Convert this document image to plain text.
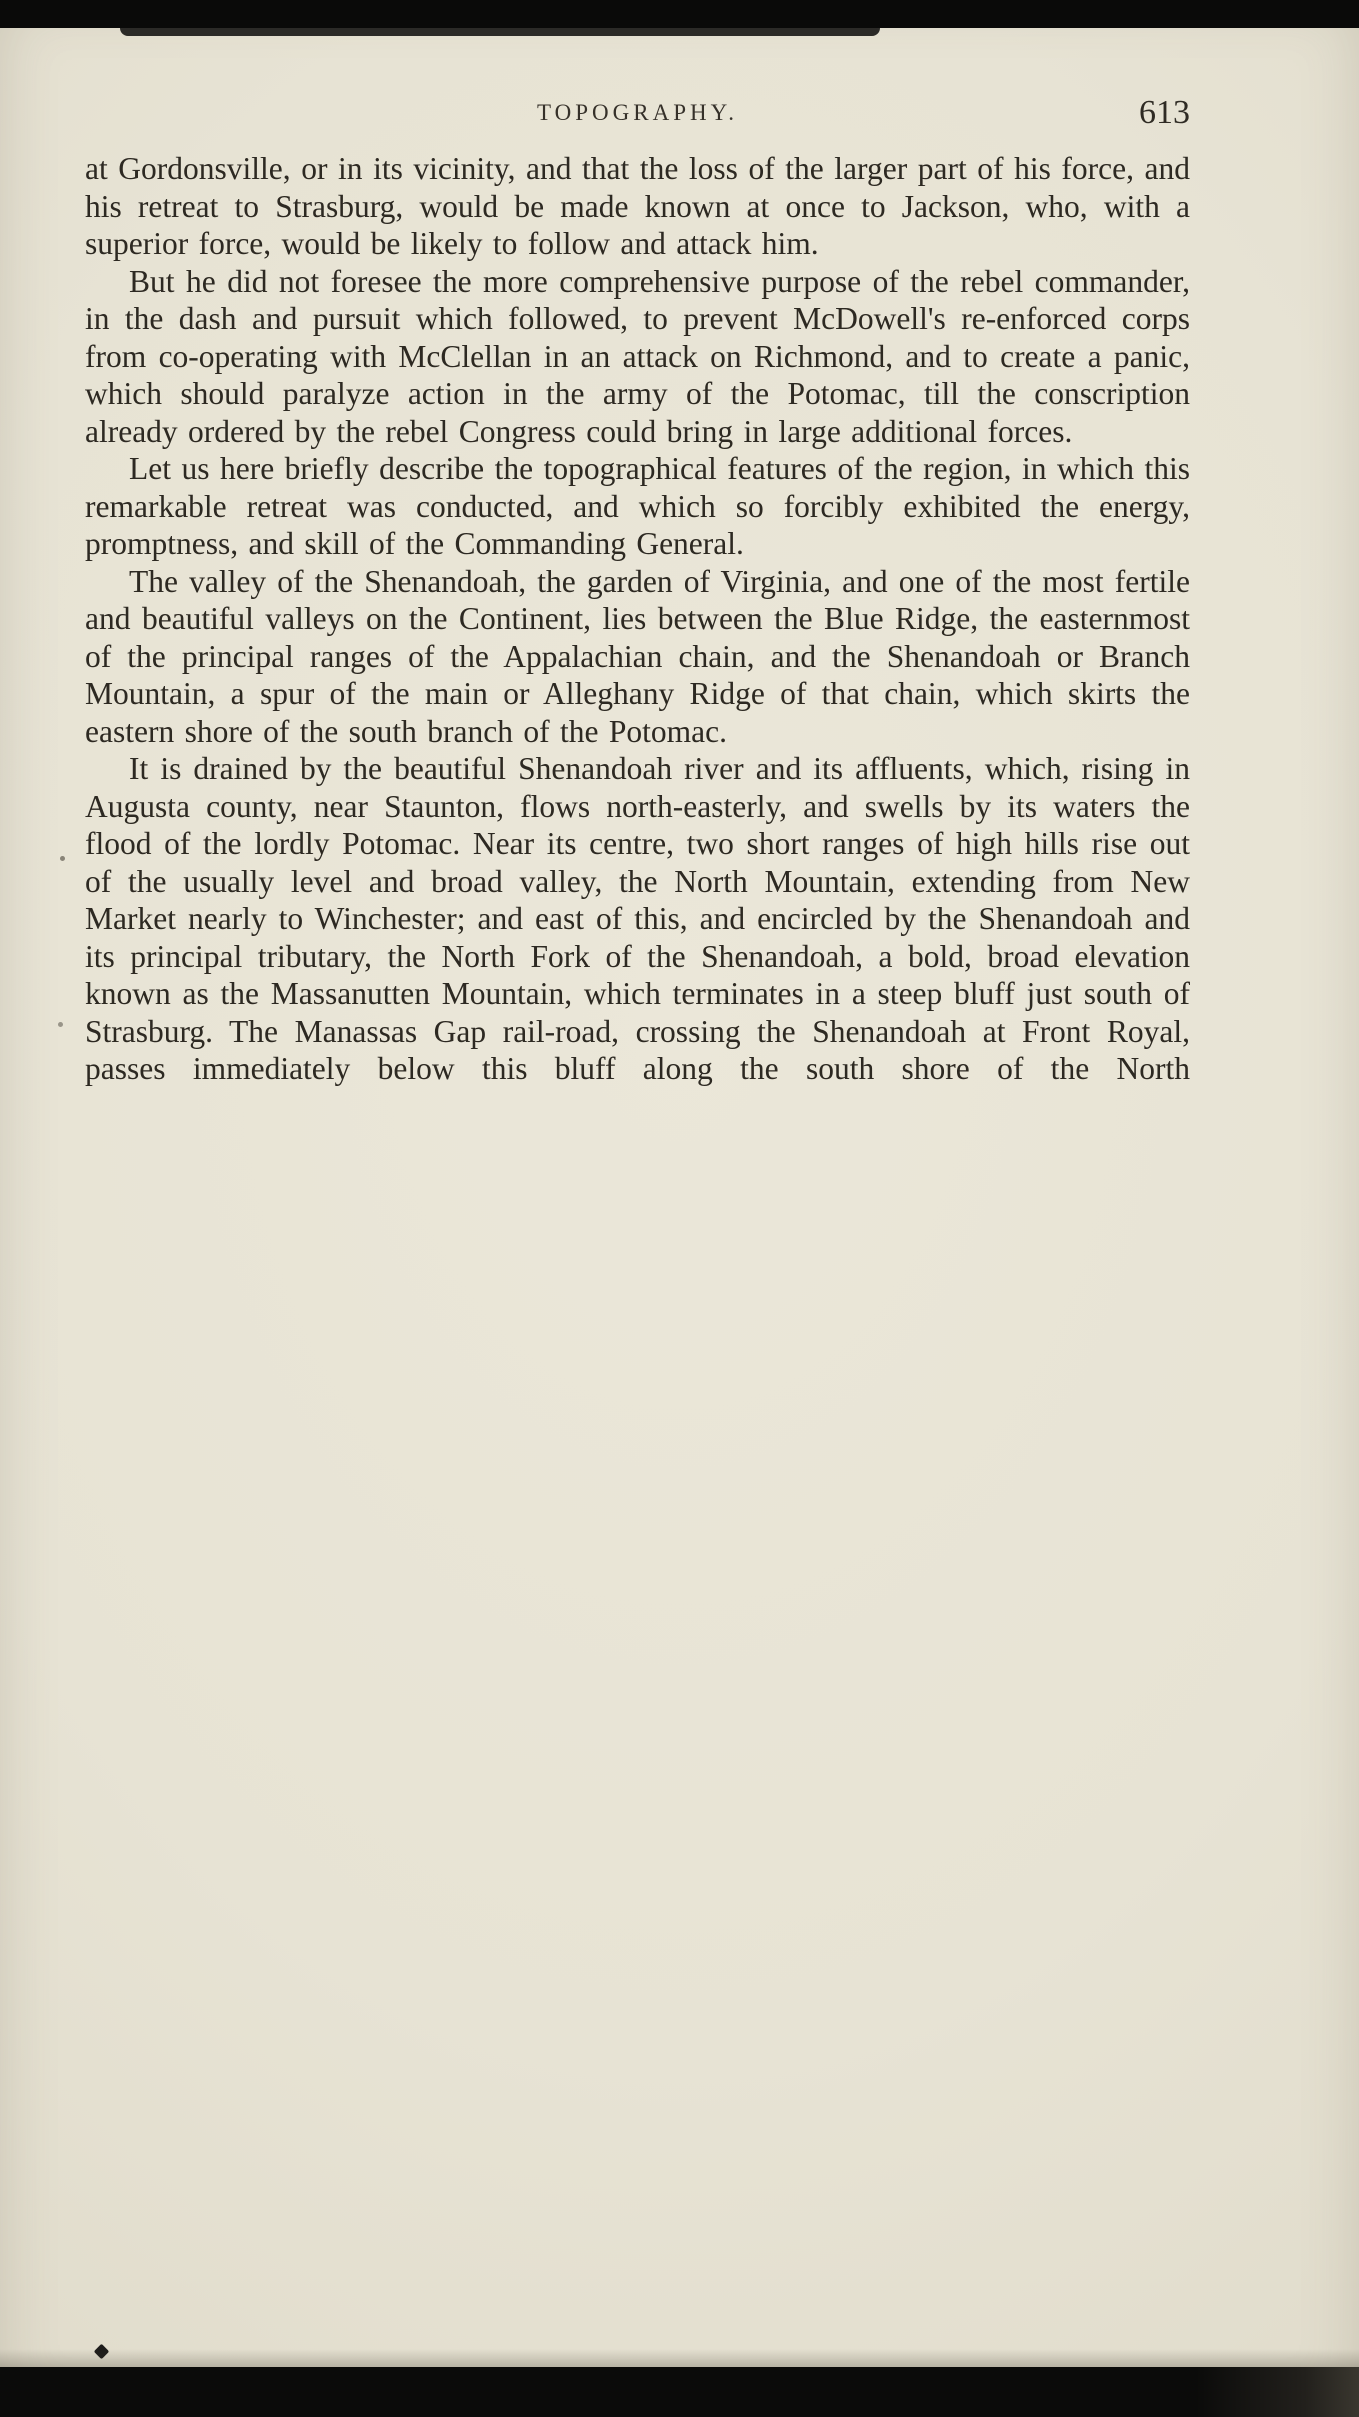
TOPOGRAPHY.	613

at Gordonsville, or in its vicinity, and that the loss of the larger part of his force, and his retreat to Strasburg, would be made known at once to Jackson, who, with a superior force, would be likely to follow and attack him.

But he did not foresee the more comprehensive purpose of the rebel commander, in the dash and pursuit which followed, to prevent McDowell's re-enforced corps from co-operating with McClellan in an attack on Richmond, and to create a panic, which should paralyze action in the army of the Potomac, till the conscription already ordered by the rebel Congress could bring in large additional forces.

Let us here briefly describe the topographical features of the region, in which this remarkable retreat was conducted, and which so forcibly exhibited the energy, promptness, and skill of the Commanding General.

The valley of the Shenandoah, the garden of Virginia, and one of the most fertile and beautiful valleys on the Continent, lies between the Blue Ridge, the easternmost of the principal ranges of the Appalachian chain, and the Shenandoah or Branch Mountain, a spur of the main or Alleghany Ridge of that chain, which skirts the eastern shore of the south branch of the Potomac.

It is drained by the beautiful Shenandoah river and its affluents, which, rising in Augusta county, near Staunton, flows north-easterly, and swells by its waters the flood of the lordly Potomac. Near its centre, two short ranges of high hills rise out of the usually level and broad valley, the North Mountain, extending from New Market nearly to Winchester; and east of this, and encircled by the Shenandoah and its principal tributary, the North Fork of the Shenandoah, a bold, broad elevation known as the Massanutten Mountain, which terminates in a steep bluff just south of Strasburg. The Manassas Gap rail-road, crossing the Shenandoah at Front Royal, passes immediately below this bluff along the south shore of the North
